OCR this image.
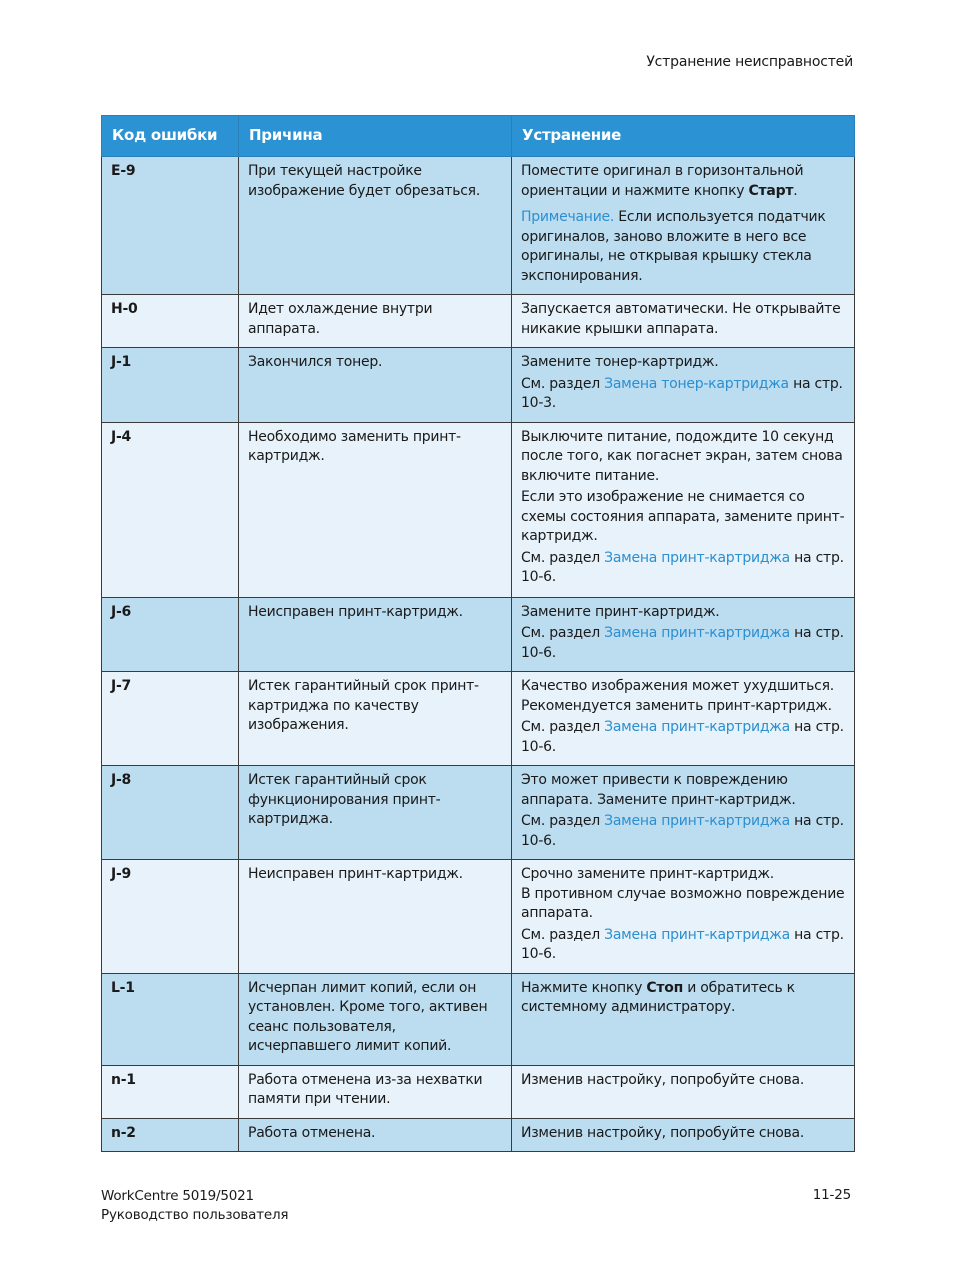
Устранение неисправностей
Код ошибки	Причина	Устранение
E-9	При текущей настройке изображение будет обрезаться.	Поместите оригинал в горизонтальной ориентации и нажмите кнопку Старт.
Примечание. Если используется податчик оригиналов, заново вложите в него все оригиналы, не открывая крышку стекла экспонирования.

H-0	Идет охлаждение внутри аппарата.	Запускается автоматически. Не открывайте никакие крышки аппарата.
J-1	Закончился тонер.	Замените тонер-картридж.
См. раздел Замена тонер-картриджа на стр. 10-3.

J-4	Необходимо заменить принт-картридж.	Выключите питание, подождите 10 секунд после того, как погаснет экран, затем снова включите питание.
Если это изображение не снимается со схемы состояния аппарата, замените принт-картридж.
См. раздел Замена принт-картриджа на стр. 10-6.

J-6	Неисправен принт-картридж.	Замените принт-картридж.
См. раздел Замена принт-картриджа на стр. 10-6.

J-7	Истек гарантийный срок принт-картриджа по качеству изображения.	Качество изображения может ухудшиться. Рекомендуется заменить принт-картридж.
См. раздел Замена принт-картриджа на стр. 10-6.

J-8	Истек гарантийный срок функционирования принт-картриджа.	Это может привести к повреждению аппарата. Замените принт-картридж.
См. раздел Замена принт-картриджа на стр. 10-6.

J-9	Неисправен принт-картридж.	Срочно замените принт-картридж.
В противном случае возможно повреждение аппарата.
См. раздел Замена принт-картриджа на стр. 10-6.

L-1	Исчерпан лимит копий, если он установлен. Кроме того, активен сеанс пользователя, исчерпавшего лимит копий.	Нажмите кнопку Стоп и обратитесь к системному администратору.

n-1	Работа отменена из-за нехватки памяти при чтении.	Изменив настройку, попробуйте снова.
n-2	Работа отменена.	Изменив настройку, попробуйте снова.
WorkCentre 5019/5021
Руководство пользователя
11-25
